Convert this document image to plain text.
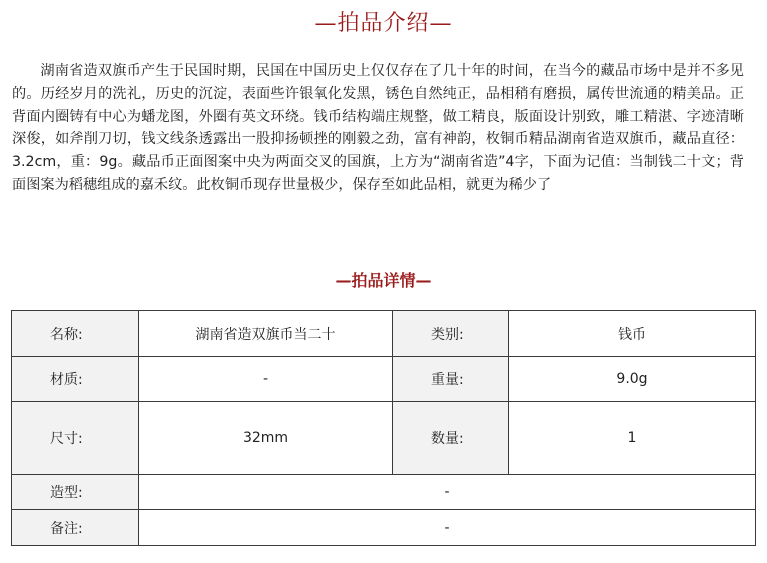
—拍品介绍—

湖南省造双旗币产生于民国时期，民国在中国历史上仅仅存在了几十年的时间，在当今的藏品市场中是并不多见的。历经岁月的洗礼，历史的沉淀，表面些许银氧化发黑，锈色自然纯正，品相稍有磨损，属传世流通的精美品。正背面内圈铸有中心为蟠龙图，外圈有英文环绕。钱币结构端庄规整，做工精良，版面设计别致，雕工精湛、字迹清晰深俊，如斧削刀切，钱文线条透露出一股抑扬顿挫的刚毅之劲，富有神韵，枚铜币精品湖南省造双旗币，藏品直径：3.2cm，重：9g。藏品币正面图案中央为两面交叉的国旗，上方为“湖南省造”4字，下面为记值：当制钱二十文；背面图案为稻穗组成的嘉禾纹。此枚铜币现存世量极少，保存至如此品相，就更为稀少了

—拍品详情—
名称:	湖南省造双旗币当二十	类别:	钱币
材质:	-	重量:	9.0g
尺寸:	32mm	数量:	1
造型:	-		
备注:	-		
